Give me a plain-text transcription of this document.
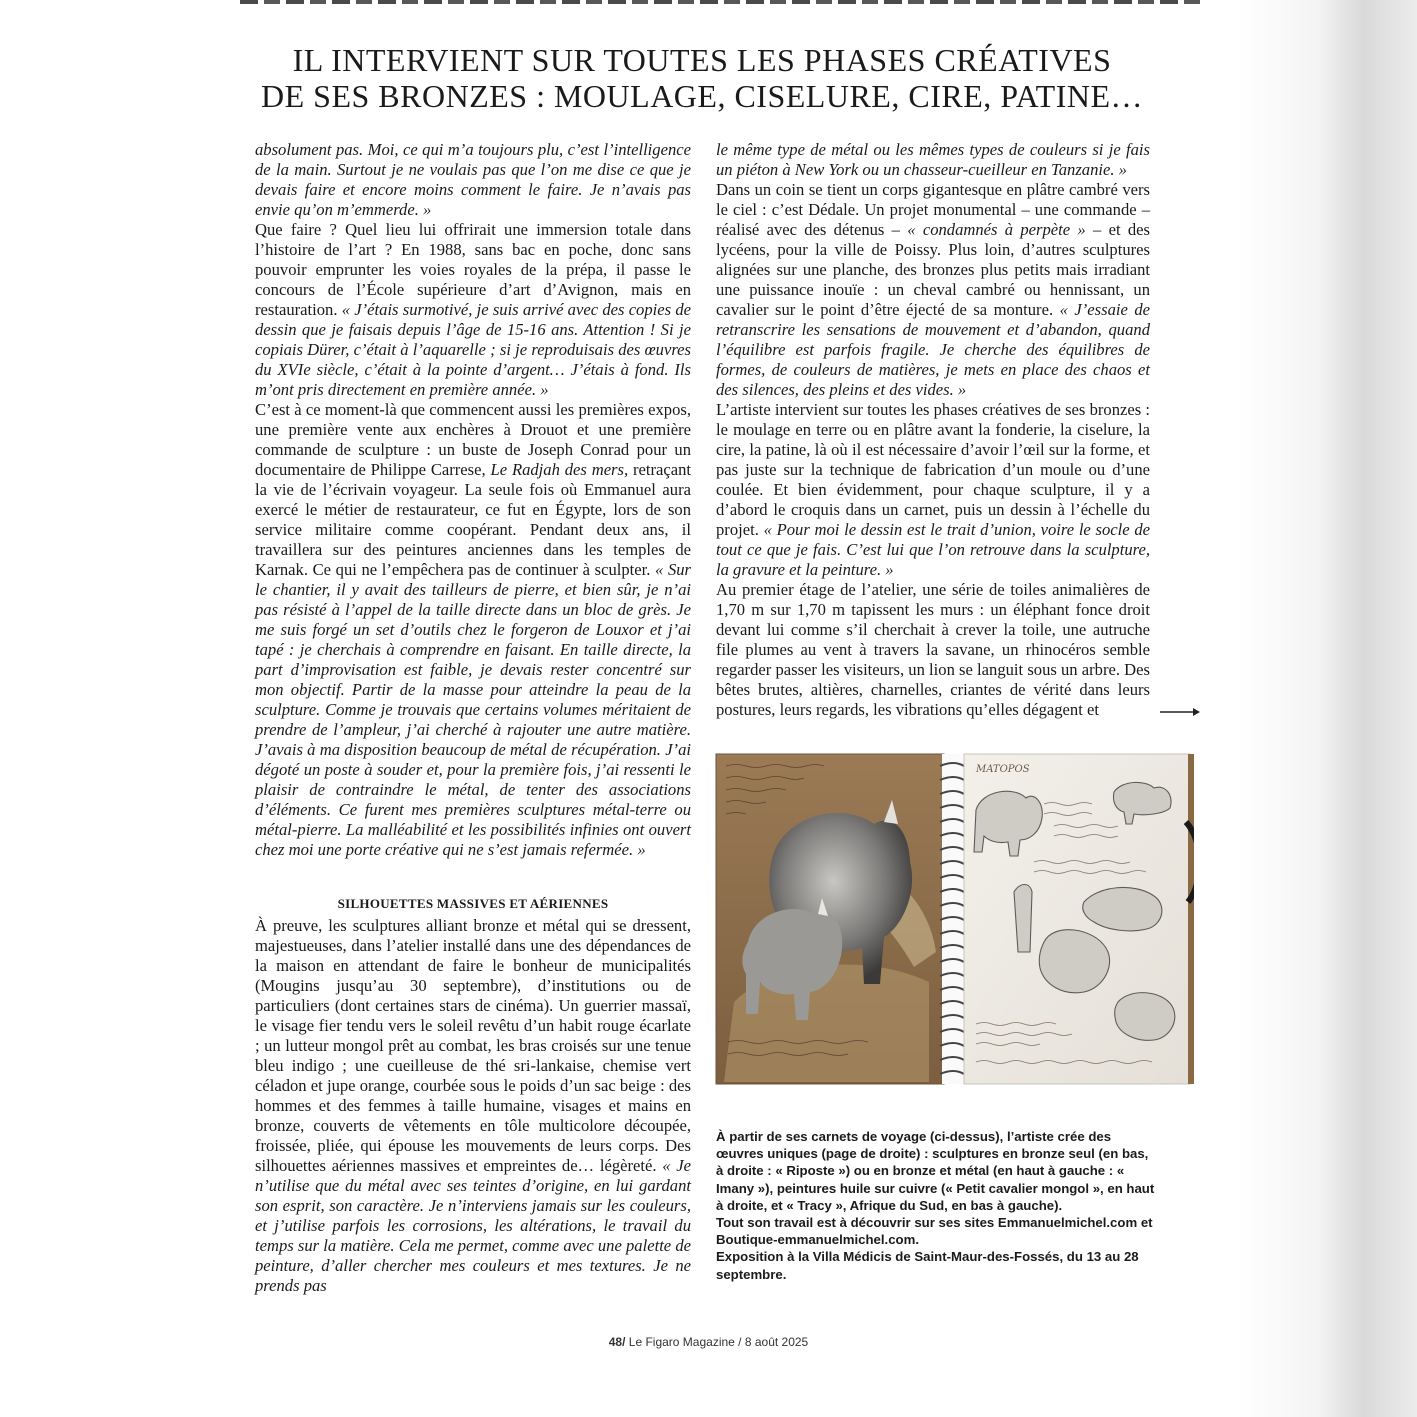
IL INTERVIENT SUR TOUTES LES PHASES CRÉATIVES
DE SES BRONZES : MOULAGE, CISELURE, CIRE, PATINE…

absolument pas. Moi, ce qui m’a toujours plu, c’est l’intelligence de la main. Surtout je ne voulais pas que l’on me dise ce que je devais faire et encore moins comment le faire. Je n’avais pas envie qu’on m’emmerde. »

Que faire ? Quel lieu lui offrirait une immersion totale dans l’histoire de l’art ? En 1988, sans bac en poche, donc sans pouvoir emprunter les voies royales de la prépa, il passe le concours de l’École supérieure d’art d’Avignon, mais en restauration. « J’étais surmotivé, je suis arrivé avec des copies de dessin que je faisais depuis l’âge de 15-16 ans. Attention ! Si je copiais Dürer, c’était à l’aquarelle ; si je reproduisais des œuvres du XVIe siècle, c’était à la pointe d’argent… J’étais à fond. Ils m’ont pris directement en première année. »

C’est à ce moment-là que commencent aussi les premières expos, une première vente aux enchères à Drouot et une première commande de sculpture : un buste de Joseph Conrad pour un documentaire de Philippe Carrese, Le Radjah des mers, retraçant la vie de l’écrivain voyageur. La seule fois où Emmanuel aura exercé le métier de restaurateur, ce fut en Égypte, lors de son service militaire comme coopérant. Pendant deux ans, il travaillera sur des peintures anciennes dans les temples de Karnak. Ce qui ne l’empêchera pas de continuer à sculpter. « Sur le chantier, il y avait des tailleurs de pierre, et bien sûr, je n’ai pas résisté à l’appel de la taille directe dans un bloc de grès. Je me suis forgé un set d’outils chez le forgeron de Louxor et j’ai tapé : je cherchais à comprendre en faisant. En taille directe, la part d’improvisation est faible, je devais rester concentré sur mon objectif. Partir de la masse pour atteindre la peau de la sculpture. Comme je trouvais que certains volumes méritaient de prendre de l’ampleur, j’ai cherché à rajouter une autre matière. J’avais à ma disposition beaucoup de métal de récupération. J’ai dégoté un poste à souder et, pour la première fois, j’ai ressenti le plaisir de contraindre le métal, de tenter des associations d’éléments. Ce furent mes premières sculptures métal-terre ou métal-pierre. La malléabilité et les possibilités infinies ont ouvert chez moi une porte créative qui ne s’est jamais refermée. »

SILHOUETTES MASSIVES ET AÉRIENNES

À preuve, les sculptures alliant bronze et métal qui se dressent, majestueuses, dans l’atelier installé dans une des dépendances de la maison en attendant de faire le bonheur de municipalités (Mougins jusqu’au 30 septembre), d’institutions ou de particuliers (dont certaines stars de cinéma). Un guerrier massaï, le visage fier tendu vers le soleil revêtu d’un habit rouge écarlate ; un lutteur mongol prêt au combat, les bras croisés sur une tenue bleu indigo ; une cueilleuse de thé sri-lankaise, chemise vert céladon et jupe orange, courbée sous le poids d’un sac beige : des hommes et des femmes à taille humaine, visages et mains en bronze, couverts de vêtements en tôle multicolore découpée, froissée, pliée, qui épouse les mouvements de leurs corps. Des silhouettes aériennes massives et empreintes de… légèreté. « Je n’utilise que du métal avec ses teintes d’origine, en lui gardant son esprit, son caractère. Je n’interviens jamais sur les couleurs, et j’utilise parfois les corrosions, les altérations, le travail du temps sur la matière. Cela me permet, comme avec une palette de peinture, d’aller chercher mes couleurs et mes textures. Je ne prends pas

le même type de métal ou les mêmes types de couleurs si je fais un piéton à New York ou un chasseur-cueilleur en Tanzanie. »

Dans un coin se tient un corps gigantesque en plâtre cambré vers le ciel : c’est Dédale. Un projet monumental – une commande – réalisé avec des détenus – « condamnés à perpète » – et des lycéens, pour la ville de Poissy. Plus loin, d’autres sculptures alignées sur une planche, des bronzes plus petits mais irradiant une puissance inouïe : un cheval cambré ou hennissant, un cavalier sur le point d’être éjecté de sa monture. « J’essaie de retranscrire les sensations de mouvement et d’abandon, quand l’équilibre est parfois fragile. Je cherche des équilibres de formes, de couleurs de matières, je mets en place des chaos et des silences, des pleins et des vides. »

L’artiste intervient sur toutes les phases créatives de ses bronzes : le moulage en terre ou en plâtre avant la fonderie, la ciselure, la cire, la patine, là où il est nécessaire d’avoir l’œil sur la forme, et pas juste sur la technique de fabrication d’un moule ou d’une coulée. Et bien évidemment, pour chaque sculpture, il y a d’abord le croquis dans un carnet, puis un dessin à l’échelle du projet. « Pour moi le dessin est le trait d’union, voire le socle de tout ce que je fais. C’est lui que l’on retrouve dans la sculpture, la gravure et la peinture. »

Au premier étage de l’atelier, une série de toiles animalières de 1,70 m sur 1,70 m tapissent les murs : un éléphant fonce droit devant lui comme s’il cherchait à crever la toile, une autruche file plumes au vent à travers la savane, un rhinocéros semble regarder passer les visiteurs, un lion se languit sous un arbre. Des bêtes brutes, altières, charnelles, criantes de vérité dans leurs postures, leurs regards, les vibrations qu’elles dégagent et

MATOPOS

À partir de ses carnets de voyage (ci-dessus), l’artiste crée des œuvres uniques (page de droite) : sculptures en bronze seul (en bas, à droite : « Riposte ») ou en bronze et métal (en haut à gauche : « Imany »), peintures huile sur cuivre (« Petit cavalier mongol », en haut à droite, et « Tracy », Afrique du Sud, en bas à gauche).

Tout son travail est à découvrir sur ses sites Emmanuelmichel.com et Boutique-emmanuelmichel.com.

Exposition à la Villa Médicis de Saint-Maur-des-Fossés, du 13 au 28 septembre.

48/ Le Figaro Magazine / 8 août 2025
